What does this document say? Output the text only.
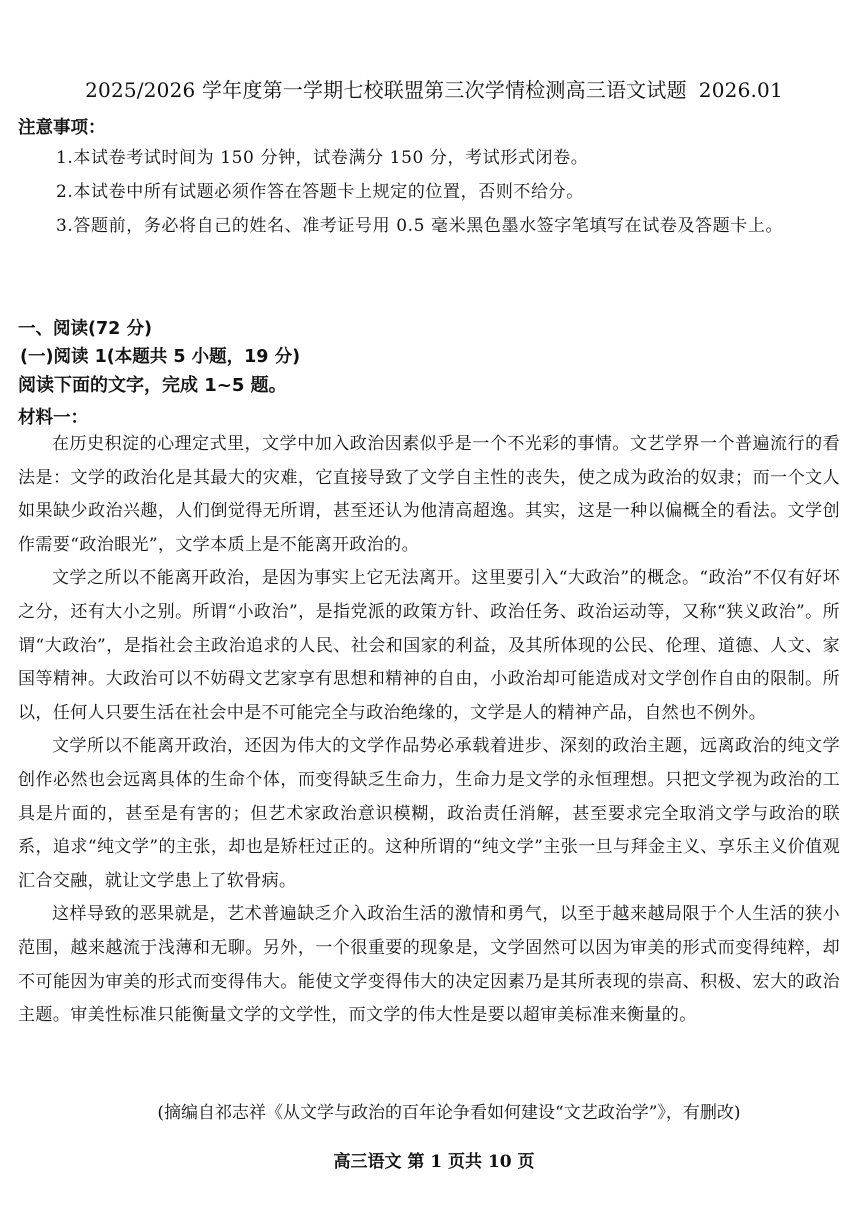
2025/2026 学年度第一学期七校联盟第三次学情检测高三语文试题 2026.01
注意事项：
1.本试卷考试时间为 150 分钟，试卷满分 150 分，考试形式闭卷。
2.本试卷中所有试题必须作答在答题卡上规定的位置，否则不给分。
3.答题前，务必将自己的姓名、准考证号用 0.5 毫米黑色墨水签字笔填写在试卷及答题卡上。
一、阅读(72 分)
(一)阅读 1(本题共 5 小题，19 分)
阅读下面的文字，完成 1~5 题。
材料一：

在历史积淀的心理定式里，文学中加入政治因素似乎是一个不光彩的事情。文艺学界一个普遍流行的看法是：文学的政治化是其最大的灾难，它直接导致了文学自主性的丧失，使之成为政治的奴隶；而一个文人如果缺少政治兴趣，人们倒觉得无所谓，甚至还认为他清高超逸。其实，这是一种以偏概全的看法。文学创作需要“政治眼光”，文学本质上是不能离开政治的。

文学之所以不能离开政治，是因为事实上它无法离开。这里要引入“大政治”的概念。“政治”不仅有好坏之分，还有大小之别。所谓“小政治”，是指党派的政策方针、政治任务、政治运动等，又称“狭义政治”。所谓“大政治”，是指社会主政治追求的人民、社会和国家的利益，及其所体现的公民、伦理、道德、人文、家国等精神。大政治可以不妨碍文艺家享有思想和精神的自由，小政治却可能造成对文学创作自由的限制。所以，任何人只要生活在社会中是不可能完全与政治绝缘的，文学是人的精神产品，自然也不例外。

文学所以不能离开政治，还因为伟大的文学作品势必承载着进步、深刻的政治主题，远离政治的纯文学创作必然也会远离具体的生命个体，而变得缺乏生命力，生命力是文学的永恒理想。只把文学视为政治的工具是片面的，甚至是有害的；但艺术家政治意识模糊，政治责任消解，甚至要求完全取消文学与政治的联系，追求“纯文学”的主张，却也是矫枉过正的。这种所谓的“纯文学”主张一旦与拜金主义、享乐主义价值观汇合交融，就让文学患上了软骨病。

这样导致的恶果就是，艺术普遍缺乏介入政治生活的激情和勇气，以至于越来越局限于个人生活的狭小范围，越来越流于浅薄和无聊。另外，一个很重要的现象是，文学固然可以因为审美的形式而变得纯粹，却不可能因为审美的形式而变得伟大。能使文学变得伟大的决定因素乃是其所表现的崇高、积极、宏大的政治主题。审美性标准只能衡量文学的文学性，而文学的伟大性是要以超审美标准来衡量的。

(摘编自祁志祥《从文学与政治的百年论争看如何建设“文艺政治学”》，有删改)
高三语文 第 1 页共 10 页
